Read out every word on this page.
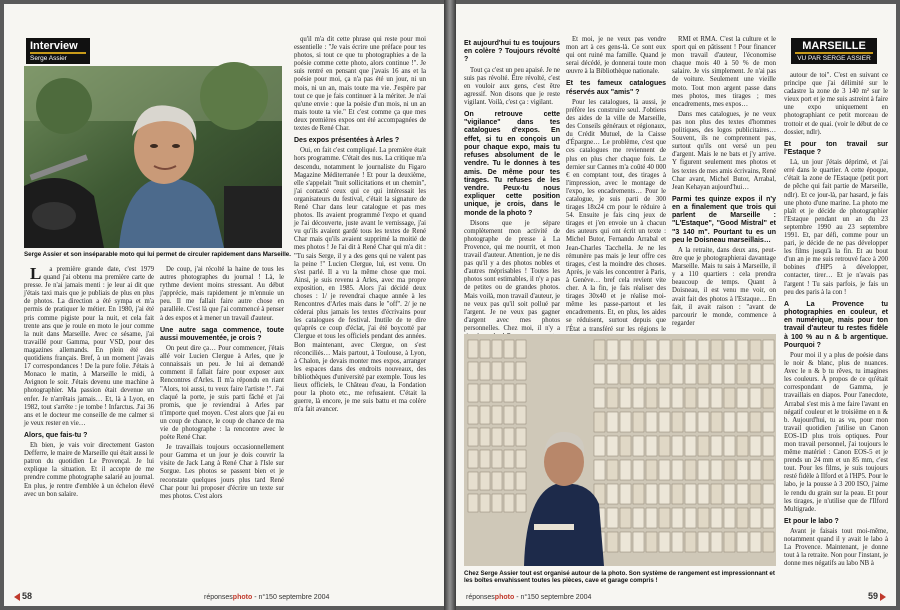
Interview
Serge Assier
Serge Assier et son inséparable moto qui lui permet de circuler rapidement dans Marseille.

La première grande date, c'est 1979 quand j'ai obtenu ma première carte de presse. Je n'ai jamais menti : je leur ai dit que j'étais taxi mais que je publiais de plus en plus de photos. La direction a été sympa et m'a permis de pratiquer le métier. En 1980, j'ai été pris comme pigiste pour la nuit, et cela fait trente ans que je roule en moto le jour comme la nuit dans Marseille. Avec ce sésame, j'ai travaillé pour Gamma, pour VSD, pour des magazines allemands. En plein été des quotidiens français. Bref, à un moment j'avais 17 correspondances ! De la pure folie. J'étais à Monaco le matin, à Marseille le midi, à Avignon le soir. J'étais devenu une machine à photographier. Ma passion était devenue un enfer. Je n'arrêtais jamais… Et, là à Lyon, en 1982, tout s'arrête : je tombe ! Infarctus. J'ai 36 ans et le docteur me conseille de me calmer si je veux rester en vie…

Alors, que fais-tu ?

Eh bien, je vais voir directement Gaston Defferre, le maire de Marseille qui était aussi le patron du quotidien Le Provençal. Je lui explique la situation. Et il accepte de me prendre comme photographe salarié au journal. En plus, je rentre d'emblée à un échelon élevé avec un bon salaire.

De coup, j'ai récolté la haine de tous les autres photographes du journal ! Là, le rythme devient moins stressant. Au début j'apprécie, mais rapidement je m'ennuie un peu. Il me fallait faire autre chose en parallèle. C'est là que j'ai commencé à penser à des expos et à mener un travail d'auteur.

Une autre saga commence, toute aussi mouvementée, je crois ?

On peut dire ça… Pour commencer, j'étais allé voir Lucien Clergue à Arles, que je connaissais un peu. Je lui ai demandé comment il fallait faire pour exposer aux Rencontres d'Arles. Il m'a répondu en riant "Alors, toi aussi, tu veux faire l'artiste !". J'ai claqué la porte, je suis parti fâché et j'ai promis, que je reviendrai à Arles par n'importe quel moyen. C'est alors que j'ai eu un coup de chance, le coup de chance de ma vie de photographe : la rencontre avec le poète René Char.

Je travaillais toujours occasionnellement pour Gamma et un jour je dois couvrir la visite de Jack Lang à René Char à l'Isle sur Sorgue. Les photos se passent bien et je reconstate quelques jours plus tard René Char pour lui proposer d'écrire un texte sur mes photos. C'est alors

qu'il m'a dit cette phrase qui reste pour moi essentielle : "Je vais écrire une préface pour tes photos, si tout ce que tu photographies a de la poésie comme cette photo, alors continue !". Je suis rentré en pensant que j'avais 16 ans et la poésie pour moi, ça n'a pas été un jour, ni un mois, ni un an, mais toute ma vie. J'espère par tout ce que je fais continuer à la mériter. Je n'ai qu'une envie : que la poésie d'un mois, ni un an mais toute ta vie." Et c'est comme ça que mes deux premières expos ont été accompagnées de textes de René Char.

Des expos présentées à Arles ?

Oui, en fait c'est compliqué. La première était hors programme. C'était des nus. La critique m'a descendu, notamment le journaliste du Figaro Magazine Méditerranée ! Et pour la deuxième, elle s'appelait "huit sollicitations et un chemin", j'ai contacté ceux qui ce qui intéressait les organisateurs du festival, c'était la signature de René Char dans leur catalogue et pas mes photos. Ils avaient programmé l'expo et quand je l'ai découverte, juste avant le vernissage, j'ai vu qu'ils avaient gardé tous les textes de René Char mais qu'ils avaient supprimé la moitié de mes photos ! Je l'ai dit à René Char qui m'a dit : "Tu sais Serge, il y a des gens qui ne valent pas la peine !" Lucien Clergue, lui, est venu. On s'est parlé. Il a vu la même chose que moi. Ainsi, je suis revenu à Arles, avec ma propre exposition, en 1985. Alors j'ai décidé deux choses : 1/ je revendrai chaque année à les Rencontres d'Arles mais dans le "off". 2/ je ne céderai plus jamais les textes d'écrivains pour les catalogues de festival. Inutile de te dire qu'après ce coup d'éclat, j'ai été boycotté par Clergue et tous les officiels pendant des années. Bon maintenant, avec Clergue, on s'est réconciliés… Mais partout, à Toulouse, à Lyon, à Chalon, je devais monter mes expos, arranger les espaces dans des endroits nouveaux, des bibliothèques d'université par exemple. Tous les lieux officiels, le Château d'eau, la Fondation pour la photo etc., me refusaient. C'était la guerre, là encore, je me suis battu et ma colère m'a fait avancer.

58	réponsesphoto - n°150 septembre 2004
MARSEILLE
VU PAR SERGE ASSIER
Et aujourd'hui tu es toujours en colère ? Toujours révolté ?

Tout ça c'est un peu apaisé. Je ne suis pas révolté. Être révolté, c'est en vouloir aux gens, c'est être agressif. Non disons que je reste vigilant. Voilà, c'est ça : vigilant.

On retrouve cette "vigilance" dans tes catalogues d'expos. En effet, si tu en conçois un pour chaque expo, mais tu refuses absolument de le vendre. Tu le donnes à tes amis. De même pour tes tirages. Tu refuses de les vendre. Peux-tu nous expliquer cette position unique, je crois, dans le monde de la photo ?

Disons que je sépare complètement mon activité de photographe de presse à La Provence, qui me nourrit, et mon travail d'auteur. Attention, je ne dis pas qu'il y a des photos nobles et d'autres méprisables ! Toutes les photos sont estimables, il n'y a pas de petites ou de grandes photos. Mais voilà, mon travail d'auteur, je ne veux pas qu'il soit pollué par l'argent. Je ne veux pas gagner d'argent avec mes photos personnelles. Chez moi, il n'y a

Et moi, je ne veux pas vendre mon art à ces gens-là. Ce sont eux qui ont ruiné ma famille. Quand je serai décédé, je donnerai toute mon œuvre à la Bibliothèque nationale.

Et tes fameux catalogues réservés aux "amis" ?

Pour les catalogues, là aussi, je préfère les construire seul. J'obtiens des aides de la ville de Marseille, des Conseils généraux et régionaux, du Crédit Mutuel, de la Caisse d'Épargne… Le problème, c'est que ces catalogues me reviennent de plus en plus cher chaque fois. Le dernier sur Cannes m'a coûté 40 000 € en comptant tout, des tirages à l'impression, avec le montage de l'expo, les encadrements… Pour le catalogue, je suis parti de 300 tirages 18x24 cm pour le réduire à 54. Ensuite je fais cinq jeux de tirages et j'en envoie un à chacun des auteurs qui ont écrit un texte : Michel Butor, Fernando Arrabal et Jean-Charles Tacchella. Je ne les rémunère pas mais je leur offre ces tirages, c'est la moindre des choses. Après, je vais les concentrer à Paris, à Genève… bref cela revient vite cher. A la fin, je fais réaliser des tirages 30x40 et je réalise moi-même les passe-partout et les encadrements. Et, en plus, les aides se réduisent, surtout depuis que l'État a transféré sur les régions le

RMI et RMA. C'est la culture et le sport qui en pâtissent ! Pour financer mon travail d'auteur, l'économise chaque mois 40 à 50 % de mon salaire. Je vis simplement. Je n'ai pas de voiture. Seulement une vieille moto. Tout mon argent passe dans mes photos, mes tirages ; mes encadrements, mes expos…

Dans mes catalogues, je ne veux pas non plus des textes d'hommes politiques, des logos publicitaires… Souvent, ils ne comprennent pas, surtout qu'ils ont versé un peu d'argent. Mais le ne bats et j'y arrive. Y figurent seulement mes photos et les textes de mes amis écrivains, René Char avant, Michel Butor, Arrabal, Jean Kehayan aujourd'hui…

Parmi tes quinze expos il n'y en a finalement que trois qui parlent de Marseille : "L'Estaque", "Good Mistral" et "3 140 m". Pourtant tu es un peu le Doisneau marseillais…

A la retraite, dans deux ans, peut-être que je photographierai davantage Marseille. Mais tu sais à Marseille, il y a 110 quartiers : cela prendra beaucoup de temps. Quant à Doisneau, il est venu me voir, on avait fait des photos à l'Estaque… En fait, il avait raison : "avant de parcourir le monde, commence à regarder

autour de toi". C'est en suivant ce principe que j'ai délimité sur le cadastre la zone de 3 140 m² sur le vieux port et je me suis astreint à faire une expo uniquement en photographiant ce petit morceau de trottoir et de quai. (voir le début de ce dossier, ndlr).

Et pour ton travail sur l'Estaque ?

Là, un jour j'étais déprimé, et j'ai erré dans le quartier. A cette époque, c'était la zone de l'Estaque (petit port de pêche qui fait partie de Marseille, ndlr). Et ce jour-là, par hasard, je fais une photo d'une marine. La photo me plaît et je décide de photographier l'Estaque pendant un an du 23 septembre 1990 au 23 septembre 1991. Et, par défi, comme pour un pari, je décide de ne pas développer les films jusqu'à la fin. Et au bout d'un an je me suis retrouvé face à 200 bobines d'HP5 à développer, contacter, tirer… Et je n'avais pas l'argent ! Tu sais parfois, je fais un peu des paris à la con !

A La Provence tu photographies en couleur, et en numérique, mais pour ton travail d'auteur tu restes fidèle à 100 % au n & b argentique. Pourquoi ?

Pour moi il y a plus de poésie dans le noir & blanc, plus de nuances. Avec le n & b tu rêves, tu imagines les couleurs. À propos de ce qu'était correspondant de Gamma, je travaillais en diapos. Pour l'anecdote, Arrabal s'est mis à me faire l'avant en négatif couleur et le troisième en n & b. Aujourd'hui, tu as vu, pour mon travail quotidien j'utilise un Canon EOS-1D plus trois optiques. Pour mon travail personnel, j'ai toujours le même matériel : Canon EOS-5 et je prends un 24 mm et un 85 mm, c'est tout. Pour les films, je suis toujours resté fidèle à Ilford et à l'HP5. Pour le labo, je la pousse à 3 200 ISO, j'aime le rendu du grain sur la peau. Et pour les tirages, je n'utilise que de l'Ilford Multigrade.

Et pour le labo ?

Avant je faisais tout moi-même, notamment quand il y avait le labo à La Provence. Maintenant, je donne tout à la retraite. Non pour l'instant, je donne mes négatifs au labo NB à

Chez Serge Assier tout est organisé autour de la photo. Son système de rangement est impressionnant et les boîtes envahissent toutes les pièces, cave et garage compris !
réponsesphoto - n°150 septembre 2004	59
